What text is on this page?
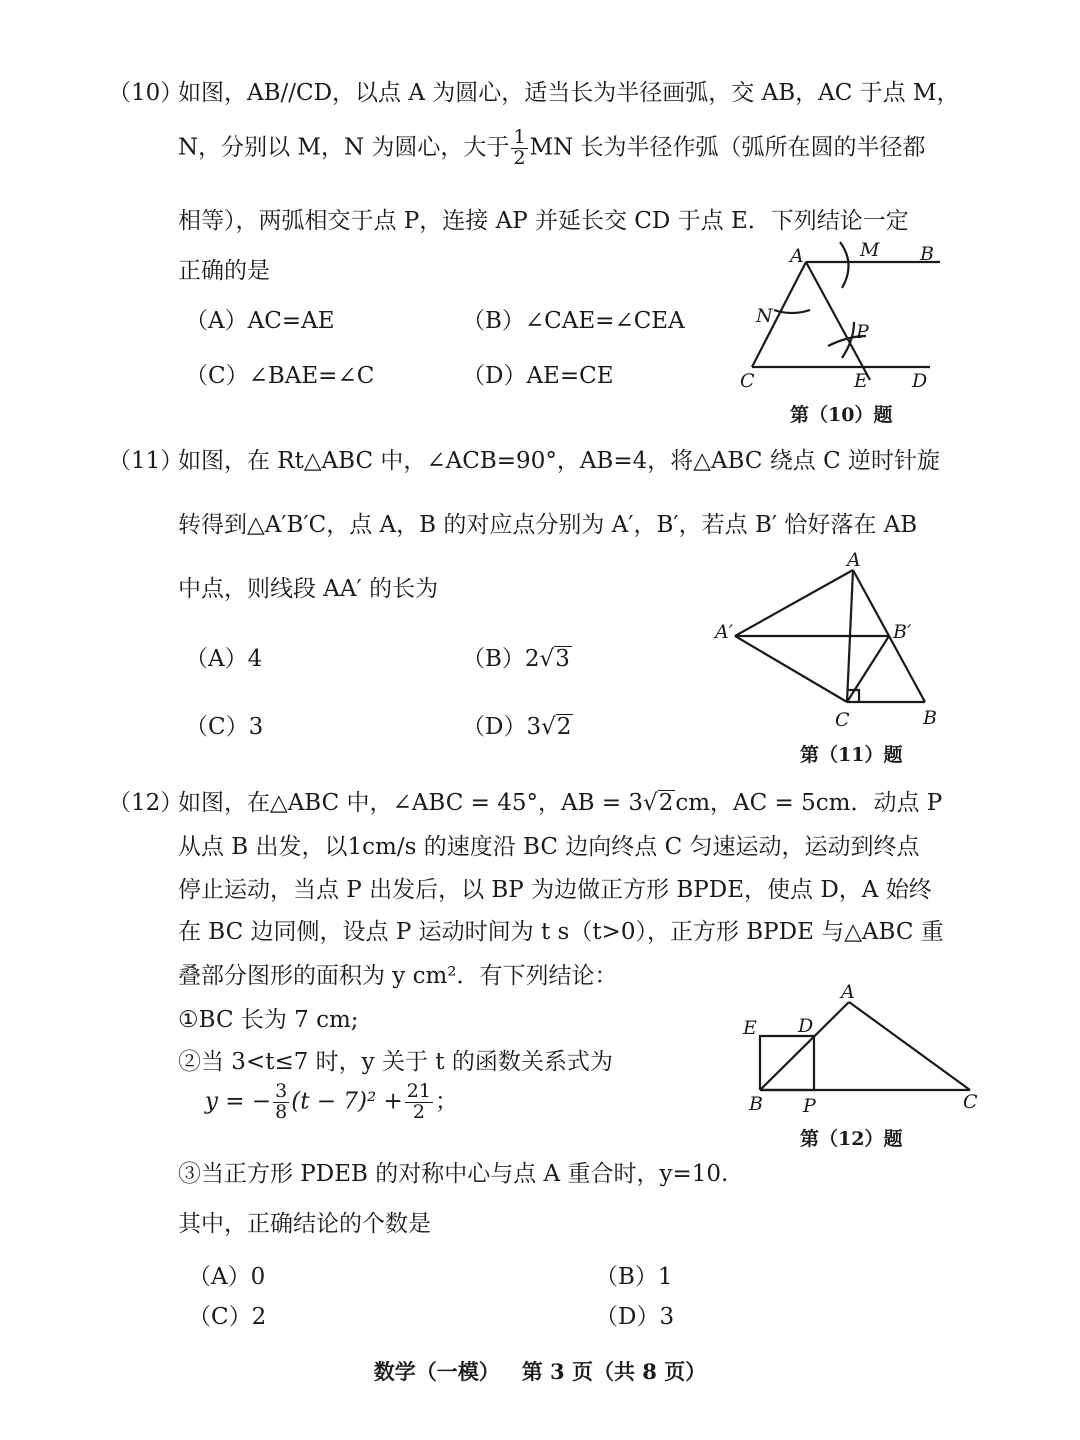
（10）
如图，AB//CD，以点 A 为圆心，适当长为半径画弧，交 AB，AC 于点 M，
N，分别以 M，N 为圆心，大于 $\frac{1}{2}$ MN 长为半径作弧（弧所在圆的半径都
相等），两弧相交于点 P，连接 AP 并延长交 CD 于点 E．下列结论一定
正确的是
（A）AC=AE	（B）∠CAE=∠CEA
（C）∠BAE=∠C	（D）AE=CE
A	M B
N
P
C	E D
第（10）题
（11）
如图，在 Rt△ABC 中，∠ACB=90°，AB=4，将△ABC 绕点 C 逆时针旋
转得到△A′B′C，点 A，B 的对应点分别为 A′，B′，若点 B′ 恰好落在 AB
中点，则线段 AA′ 的长为
（A）4	（B）2√3
（C）3	（D）3√2
A
A′	B′
C	B
第（11）题
（12）
如图，在△ABC 中，∠ABC = 45°，AB = 3√2cm，AC = 5cm．动点 P
从点 B 出发，以1cm/s 的速度沿 BC 边向终点 C 匀速运动，运动到终点
停止运动，当点 P 出发后，以 BP 为边做正方形 BPDE，使点 D，A 始终
在 BC 边同侧，设点 P 运动时间为 t s（t>0），正方形 BPDE 与△ABC 重
叠部分图形的面积为 y cm²．有下列结论：
①BC 长为 7 cm;
②当 3<t≤7 时，y 关于 t 的函数关系式为
y = − $\frac{3}{8} (t - 7)^2 + \frac{21}{2}$ ；
③当正方形 PDEB 的对称中心与点 A 重合时，y=10.
其中，正确结论的个数是
（A）0	（B）1
（C）2	（D）3
A
E D
B P	C
第（12）题
数学（一模）   第 3 页（共 8 页）
